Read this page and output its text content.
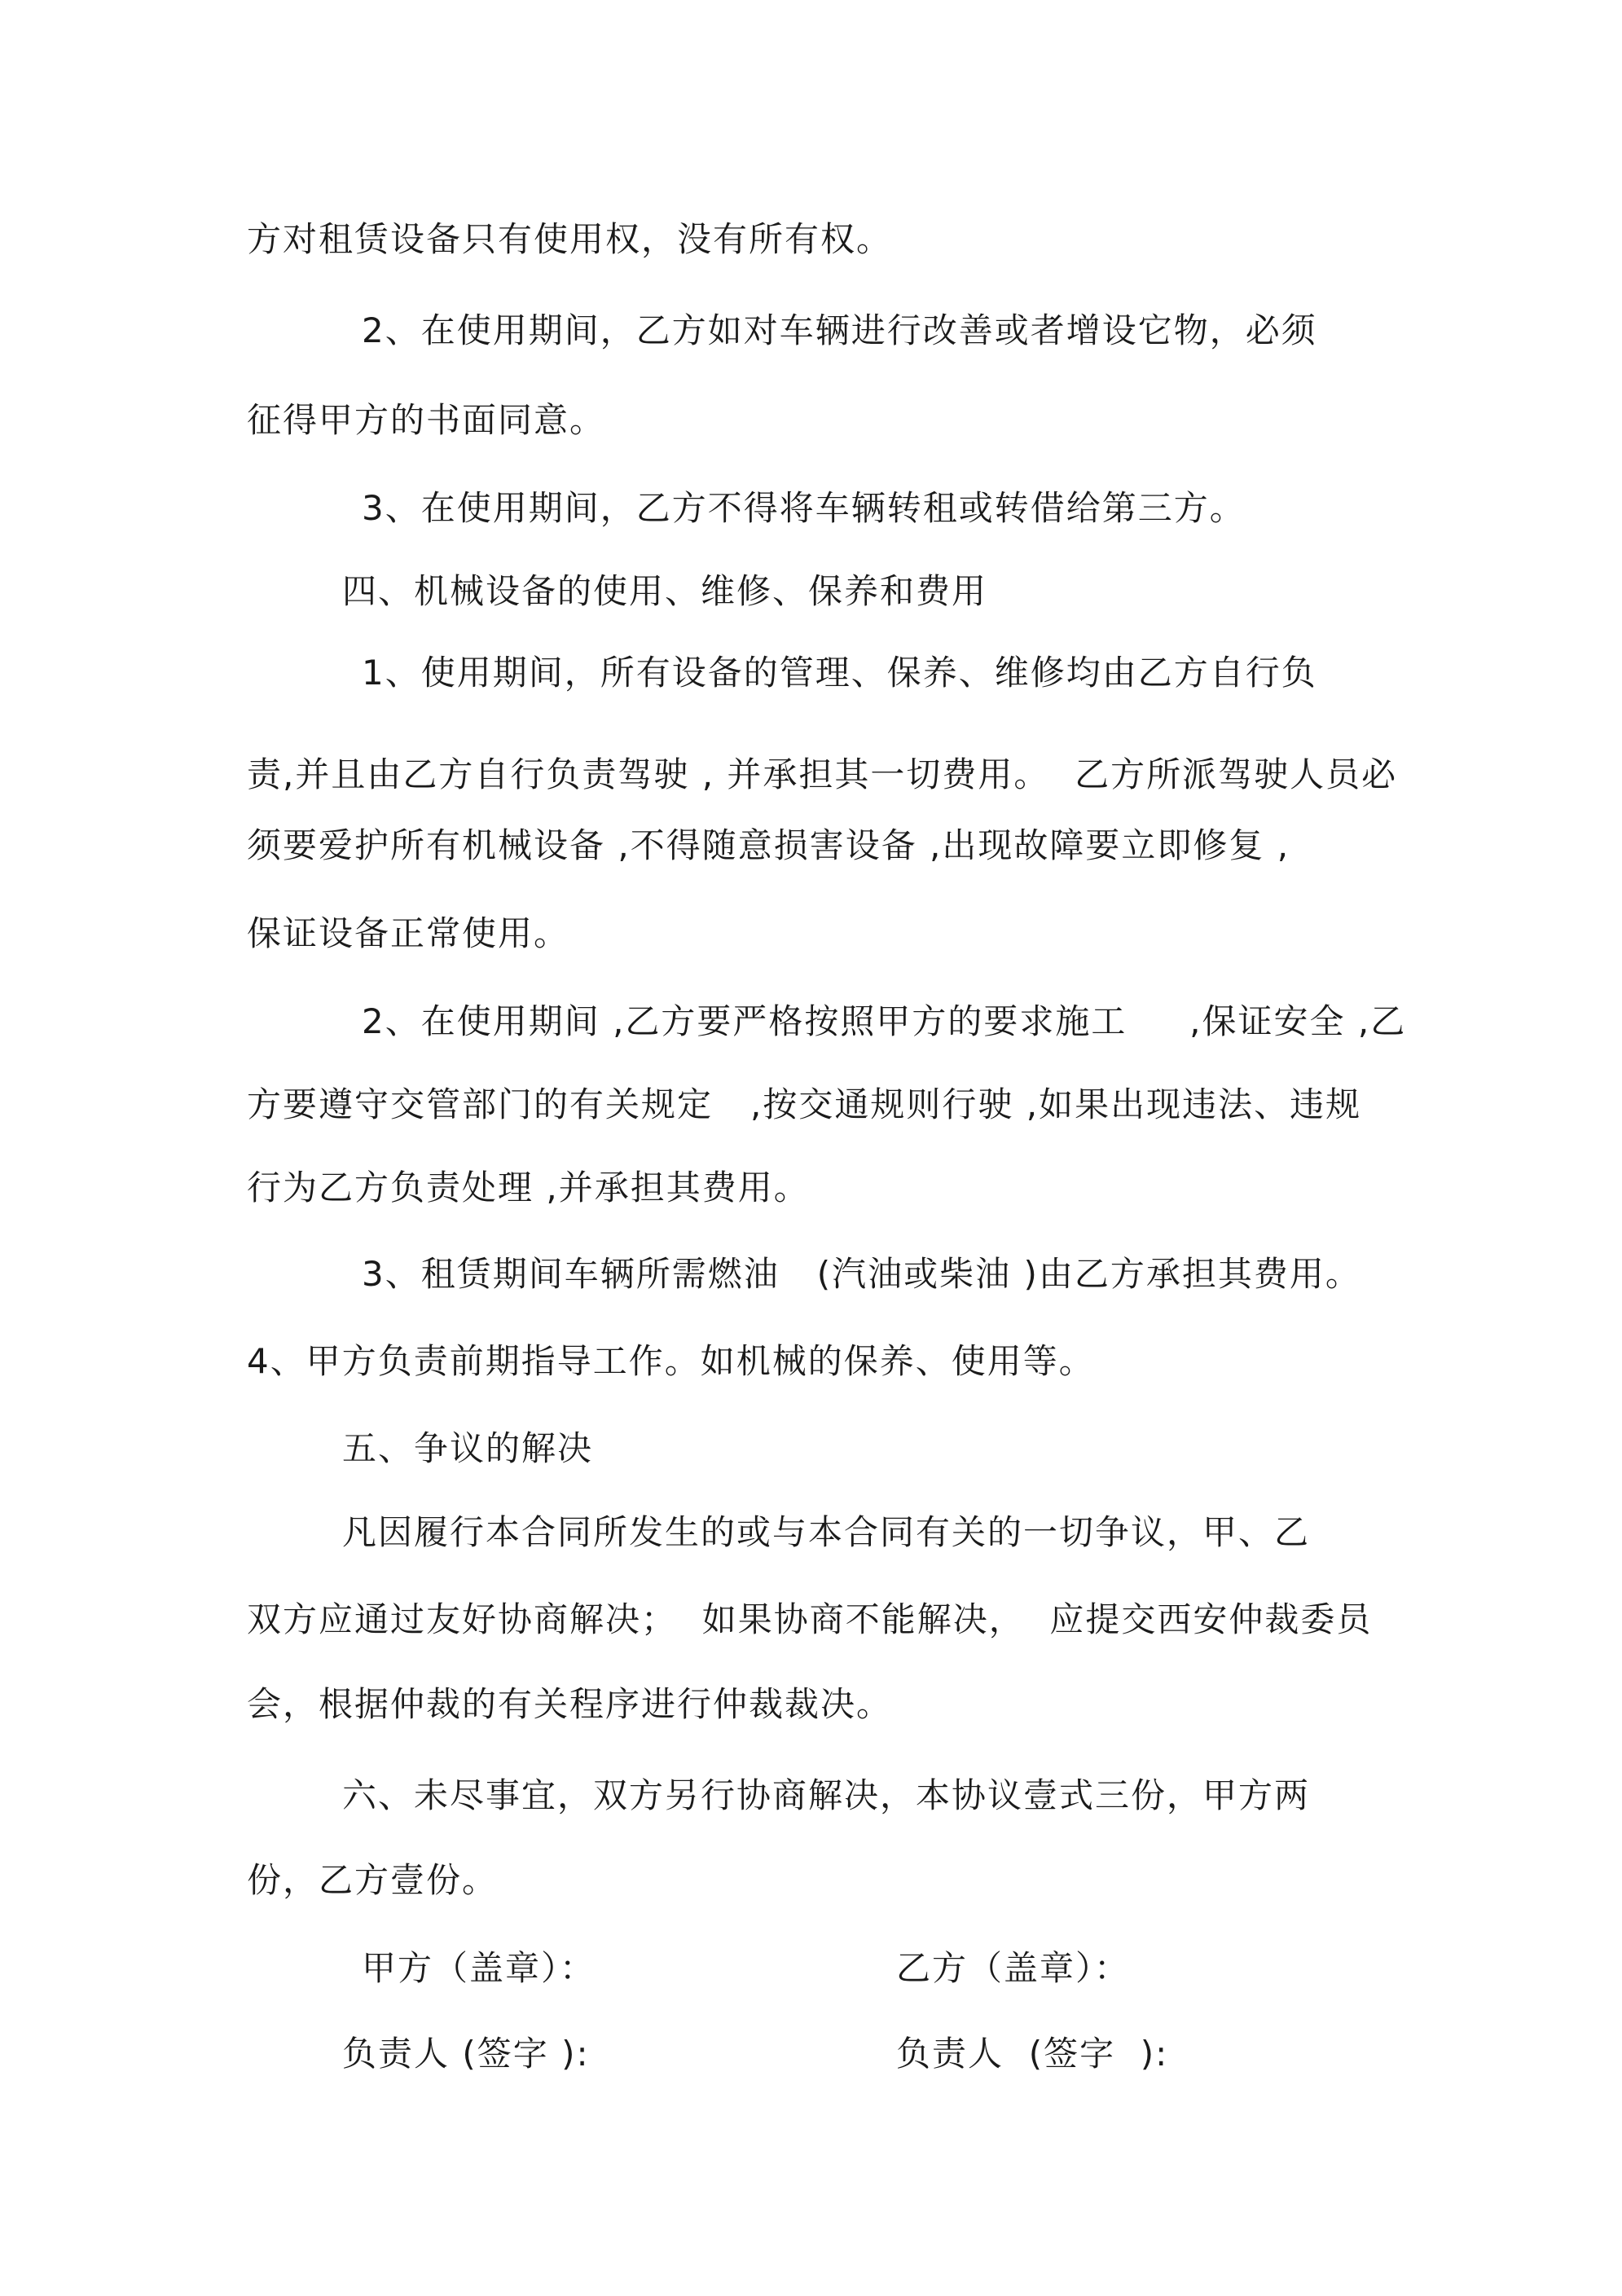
方对租赁设备只有使用权，没有所有权。
2、在使用期间，乙方如对车辆进行改善或者增设它物，必须
征得甲方的书面同意。
3、在使用期间，乙方不得将车辆转租或转借给第三方。
四、机械设备的使用、维修、保养和费用
1、使用期间，所有设备的管理、保养、维修均由乙方自行负
责,并且由乙方自行负责驾驶 , 并承担其一切费用。  乙方所派驾驶人员必
须要爱护所有机械设备 ,不得随意损害设备 ,出现故障要立即修复 ,
保证设备正常使用。
2、在使用期间 ,乙方要严格按照甲方的要求施工     ,保证安全 ,乙
方要遵守交管部门的有关规定   ,按交通规则行驶 ,如果出现违法、违规
行为乙方负责处理 ,并承担其费用。
3、租赁期间车辆所需燃油   (汽油或柴油 )由乙方承担其费用。
4、甲方负责前期指导工作。如机械的保养、使用等。
五、争议的解决
凡因履行本合同所发生的或与本合同有关的一切争议，甲、乙
双方应通过友好协商解决；  如果协商不能解决，  应提交西安仲裁委员
会，根据仲裁的有关程序进行仲裁裁决。
六、未尽事宜，双方另行协商解决，本协议壹式三份，甲方两
份，乙方壹份。
甲方（盖章）：	乙方（盖章）：
负责人 (签字 ):	负责人  (签字  ):
